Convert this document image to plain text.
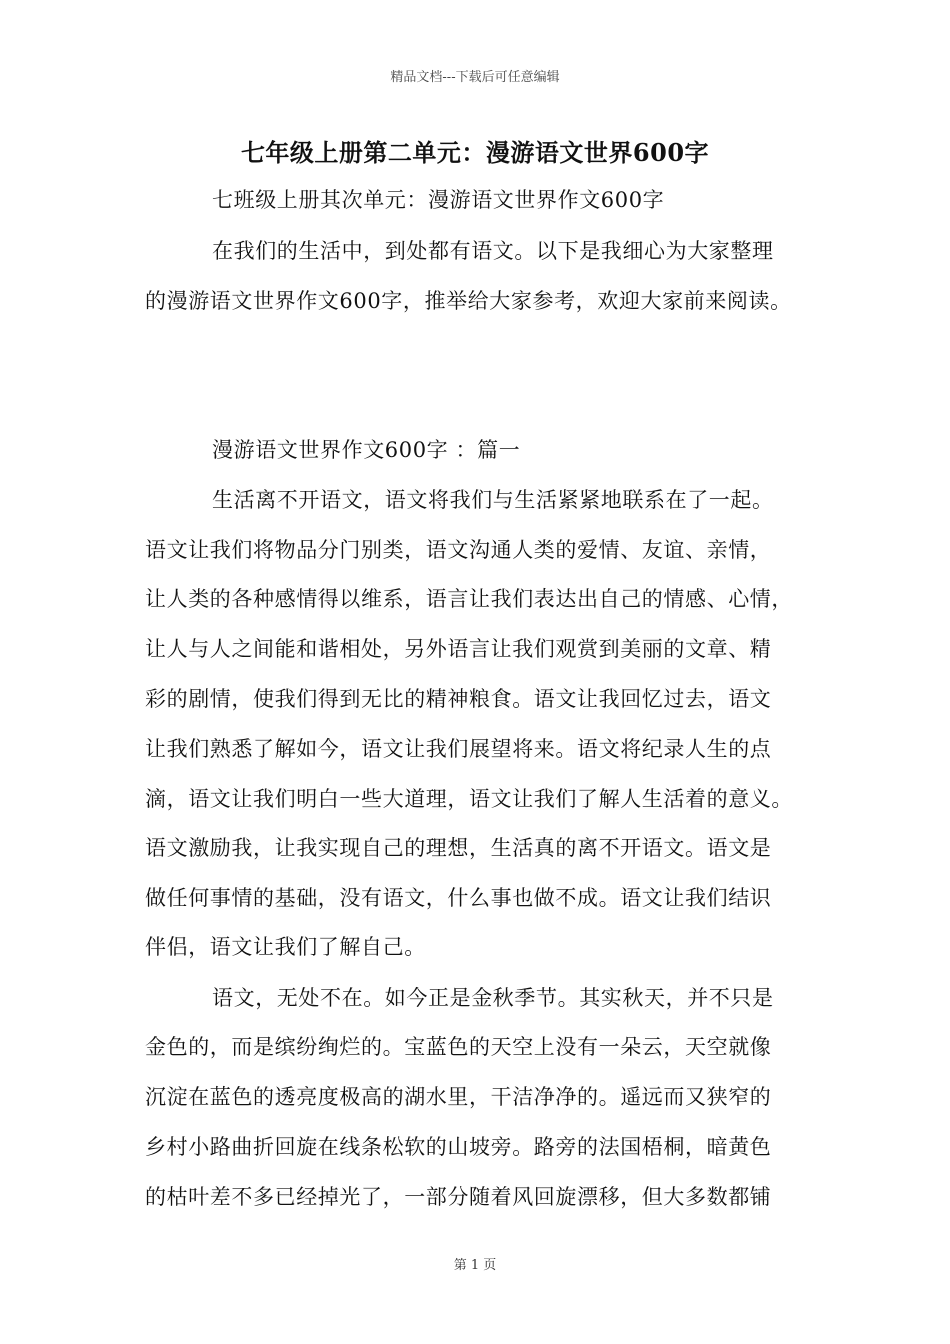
精品文档---下载后可任意编辑
七年级上册第二单元：漫游语文世界600字
七班级上册其次单元：漫游语文世界作文600字
在我们的生活中，到处都有语文。以下是我细心为大家整理
的漫游语文世界作文600字，推举给大家参考，欢迎大家前来阅读。
漫游语文世界作文600字 ：篇一
生活离不开语文，语文将我们与生活紧紧地联系在了一起。
语文让我们将物品分门别类，语文沟通人类的爱情、友谊、亲情，
让人类的各种感情得以维系，语言让我们表达出自己的情感、心情，
让人与人之间能和谐相处，另外语言让我们观赏到美丽的文章、精
彩的剧情，使我们得到无比的精神粮食。语文让我回忆过去，语文
让我们熟悉了解如今，语文让我们展望将来。语文将纪录人生的点
滴，语文让我们明白一些大道理，语文让我们了解人生活着的意义。
语文激励我，让我实现自己的理想，生活真的离不开语文。语文是
做任何事情的基础，没有语文，什么事也做不成。语文让我们结识
伴侣，语文让我们了解自己。
语文，无处不在。如今正是金秋季节。其实秋天，并不只是
金色的，而是缤纷绚烂的。宝蓝色的天空上没有一朵云，天空就像
沉淀在蓝色的透亮度极高的湖水里，干洁净净的。遥远而又狭窄的
乡村小路曲折回旋在线条松软的山坡旁。路旁的法国梧桐，暗黄色
的枯叶差不多已经掉光了，一部分随着风回旋漂移，但大多数都铺
第 1 页
